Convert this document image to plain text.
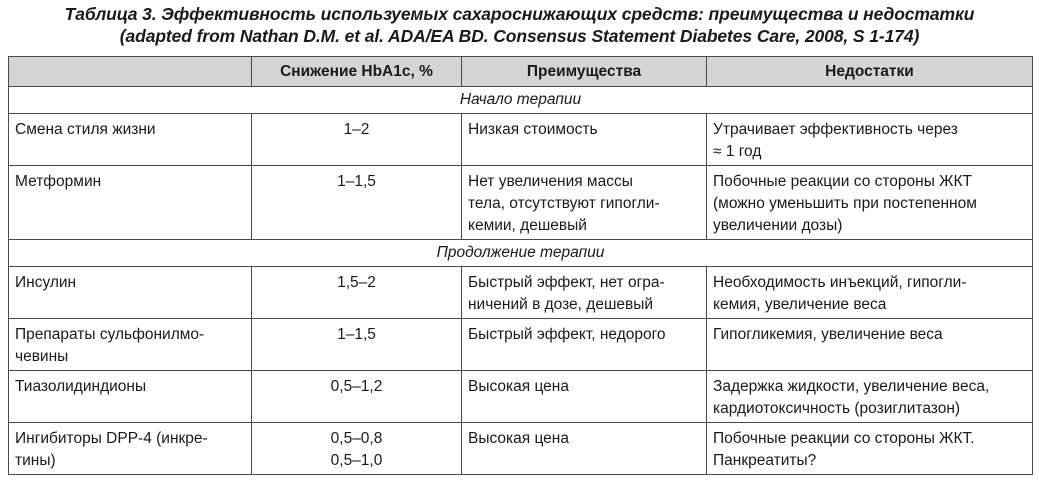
Таблица 3. Эффективность используемых сахароснижающих средств: преимущества и недостатки
(adapted from Nathan D.M. et al. ADA/EA BD. Consensus Statement Diabetes Care, 2008, S 1-174)
	Снижение HbA1c, %	Преимущества	Недостатки
Начало терапии			

Смена стиля жизни	1–2	Низкая стоимость	Утрачивает эффективность через
≈ 1 год

Метформин	1–1,5	Нет увеличения массы
тела, отсутствуют гипогли-
кемии, дешевый	Побочные реакции со стороны ЖКТ
(можно уменьшить при постепенном
увеличении дозы)

Продолжение терапии			

Инсулин	1,5–2	Быстрый эффект, нет огра-
ничений в дозе, дешевый	Необходимость инъекций, гипогли-
кемия, увеличение веса

Препараты сульфонилмо-
чевины	1–1,5	Быстрый эффект, недорого	Гипогликемия, увеличение веса

Тиазолидиндионы	0,5–1,2	Высокая цена	Задержка жидкости, увеличение веса,
кардиотоксичность (розиглитазон)

Ингибиторы DPP-4 (инкре-
тины)	0,5–0,8
0,5–1,0	Высокая цена	Побочные реакции со стороны ЖКТ.
Панкреатиты?
